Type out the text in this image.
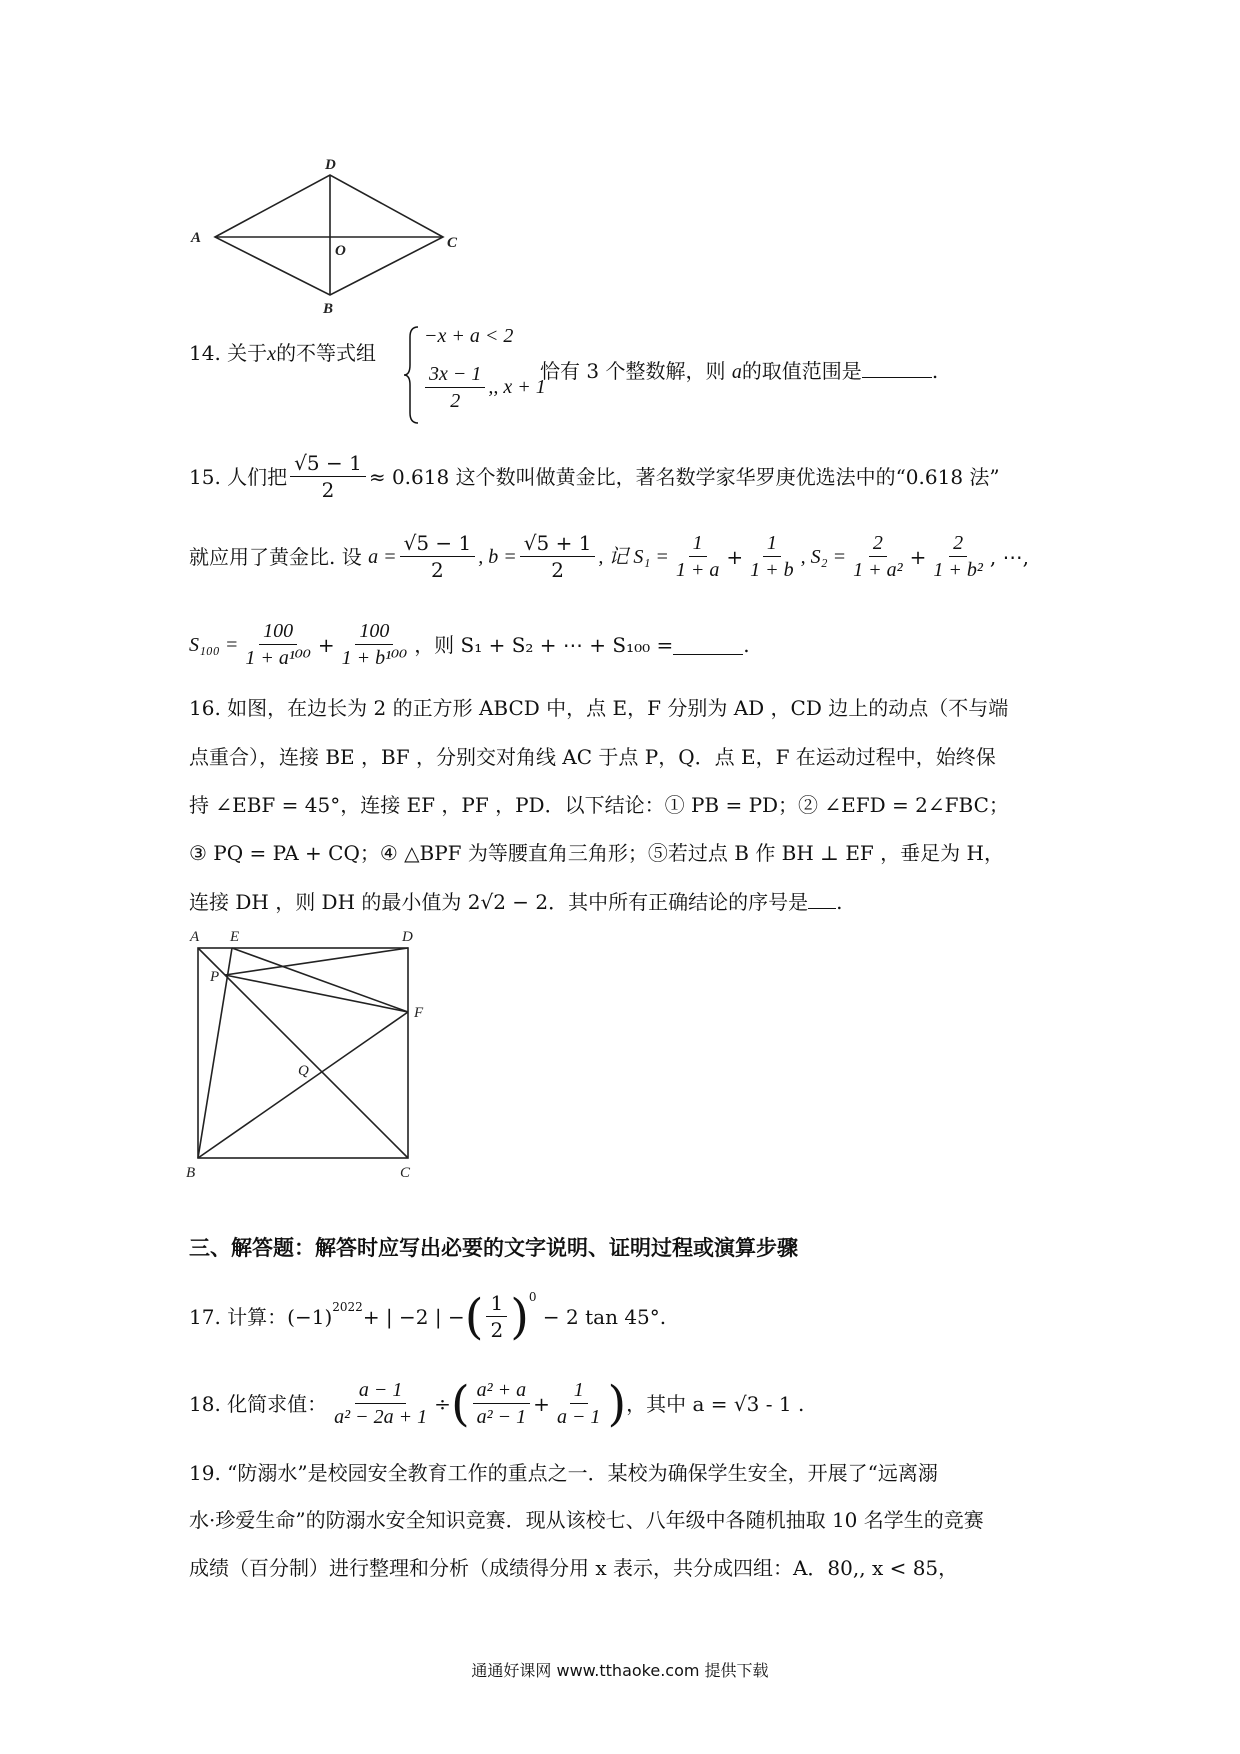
D
A
O	C
B
14. 关于x的不等式组
−x + a < 2
$\frac{3x - 1}{2}$ ,, x + 1
恰有 3 个整数解，则 a的取值范围是	.
15.
人们把 $\frac{√5 - 1}{2} \approx 0.618$ 这个数叫做黄金比，著名数学家华罗庚优选法中的“0.618 法”
就应用了黄金比. 设
$a = \frac{√5 - 1}{2}$ , $b = \frac{√5 + 1}{2}$ , 记 $S_1 = \frac{1}{1 + a} + \frac{1}{1 + b}$ , $S_2 = \frac{2}{\text{1 + a²}} + \frac{2}{\text{1 + b²}}$ , ⋯,
$S_{100} = \frac{100}{\text{1 + a¹⁰⁰}} + \frac{100}{\text{1 + b¹⁰⁰}}$ ，则 S₁ + S₂ + ⋯ + S₁₀₀ =	.
16. 如图，在边长为 2 的正方形 ABCD 中，点 E，F 分别为 AD ，CD 边上的动点（不与端
点重合），连接 BE ，BF ，分别交对角线 AC 于点 P，Q．点 E，F 在运动过程中，始终保
持 ∠EBF = 45°，连接 EF ，PF ，PD．以下结论：① PB = PD；② ∠EFD = 2∠FBC；
③ PQ = PA + CQ；④ △BPF 为等腰直角三角形；⑤若过点 B 作 BH ⊥ EF ，垂足为 H，
连接 DH ，则 DH 的最小值为 2√2 − 2．其中所有正确结论的序号是 .
A E	D
P
F
Q
B	C
三、解答题：解答时应写出必要的文字说明、证明过程或演算步骤
17.
计算： $(-1)^{2022}$ + | −2 | − ( $\frac{1}{2} )^0$

− 2 tan 45°.
18.
化简求值： $\frac{a - 1}{\text{a² − 2a + 1}}$ ÷ ( $\frac{\text{a² + a}}{\text{a² − 1}} + \frac{1}{a - 1}$ ) ，其中 a = √3 - 1 .
19. “防溺水”是校园安全教育工作的重点之一．某校为确保学生安全，开展了“远离溺
水·珍爱生命”的防溺水安全知识竞赛．现从该校七、八年级中各随机抽取 10 名学生的竞赛
成绩（百分制）进行整理和分析（成绩得分用 x 表示，共分成四组：A．80,, x < 85，
通通好课网 www.tthaoke.com 提供下载
